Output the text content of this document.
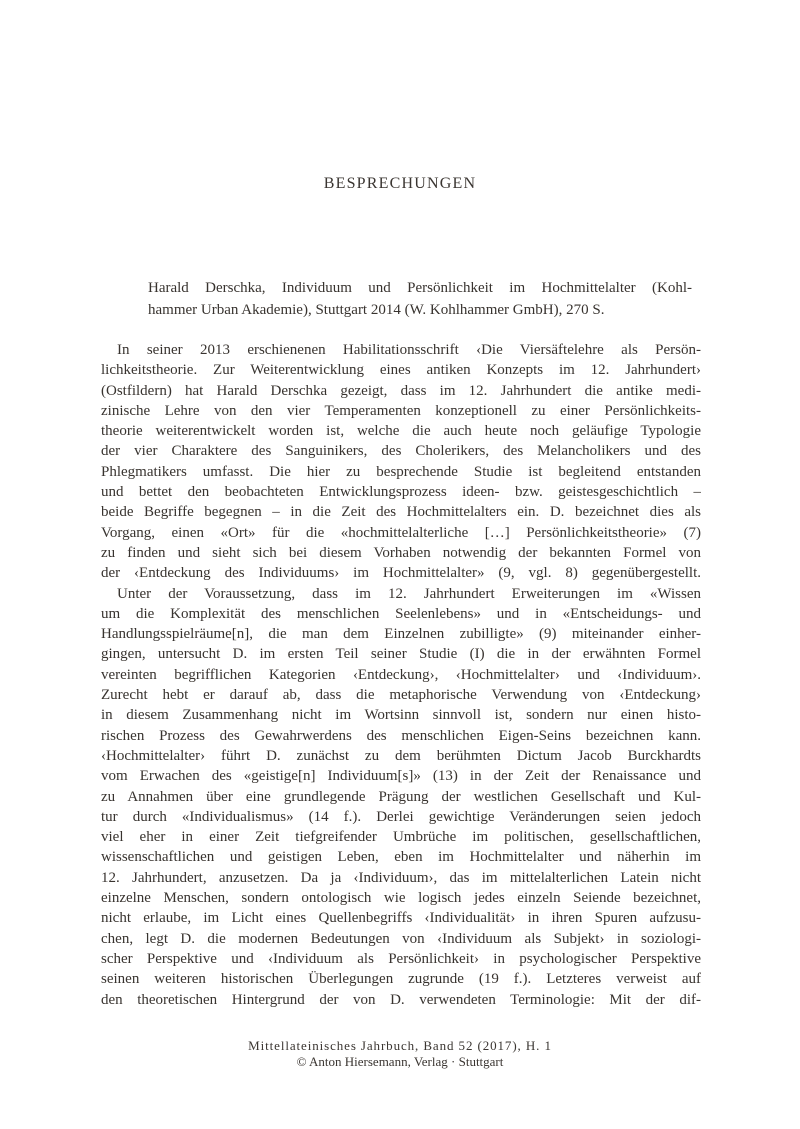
BESPRECHUNGEN
Harald Derschka, Individuum und Persönlichkeit im Hochmittelalter (Kohl-
hammer Urban Akademie), Stuttgart 2014 (W. Kohlhammer GmbH), 270 S.
In seiner 2013 erschienenen Habilitationsschrift ‹Die Viersäftelehre als Persön-
lichkeitstheorie. Zur Weiterentwicklung eines antiken Konzepts im 12. Jahrhundert›
(Ostfildern) hat Harald Derschka gezeigt, dass im 12. Jahrhundert die antike medi-
zinische Lehre von den vier Temperamenten konzeptionell zu einer Persönlichkeits-
theorie weiterentwickelt worden ist, welche die auch heute noch geläufige Typologie
der vier Charaktere des Sanguinikers, des Cholerikers, des Melancholikers und des
Phlegmatikers umfasst. Die hier zu besprechende Studie ist begleitend entstanden
und bettet den beobachteten Entwicklungsprozess ideen- bzw. geistesgeschichtlich –
beide Begriffe begegnen – in die Zeit des Hochmittelalters ein. D. bezeichnet dies als
Vorgang, einen «Ort» für die «hochmittelalterliche […] Persönlichkeitstheorie» (7)
zu finden und sieht sich bei diesem Vorhaben notwendig der bekannten Formel von
der ‹Entdeckung des Individuums› im Hochmittelalter» (9, vgl. 8) gegenübergestellt.
Unter der Voraussetzung, dass im 12. Jahrhundert Erweiterungen im «Wissen
um die Komplexität des menschlichen Seelenlebens» und in «Entscheidungs- und
Handlungsspielräume[n], die man dem Einzelnen zubilligte» (9) miteinander einher-
gingen, untersucht D. im ersten Teil seiner Studie (I) die in der erwähnten Formel
vereinten begrifflichen Kategorien ‹Entdeckung›, ‹Hochmittelalter› und ‹Individuum›.
Zurecht hebt er darauf ab, dass die metaphorische Verwendung von ‹Entdeckung›
in diesem Zusammenhang nicht im Wortsinn sinnvoll ist, sondern nur einen histo-
rischen Prozess des Gewahrwerdens des menschlichen Eigen-Seins bezeichnen kann.
‹Hochmittelalter› führt D. zunächst zu dem berühmten Dictum Jacob Burckhardts
vom Erwachen des «geistige[n] Individuum[s]» (13) in der Zeit der Renaissance und
zu Annahmen über eine grundlegende Prägung der westlichen Gesellschaft und Kul-
tur durch «Individualismus» (14 f.). Derlei gewichtige Veränderungen seien jedoch
viel eher in einer Zeit tiefgreifender Umbrüche im politischen, gesellschaftlichen,
wissenschaftlichen und geistigen Leben, eben im Hochmittelalter und näherhin im
12. Jahrhundert, anzusetzen. Da ja ‹Individuum›, das im mittelalterlichen Latein nicht
einzelne Menschen, sondern ontologisch wie logisch jedes einzeln Seiende bezeichnet,
nicht erlaube, im Licht eines Quellenbegriffs ‹Individualität› in ihren Spuren aufzusu-
chen, legt D. die modernen Bedeutungen von ‹Individuum als Subjekt› in soziologi-
scher Perspektive und ‹Individuum als Persönlichkeit› in psychologischer Perspektive
seinen weiteren historischen Überlegungen zugrunde (19 f.). Letzteres verweist auf
den theoretischen Hintergrund der von D. verwendeten Terminologie: Mit der dif-
Mittellateinisches Jahrbuch, Band 52 (2017), H. 1
© Anton Hiersemann, Verlag · Stuttgart
